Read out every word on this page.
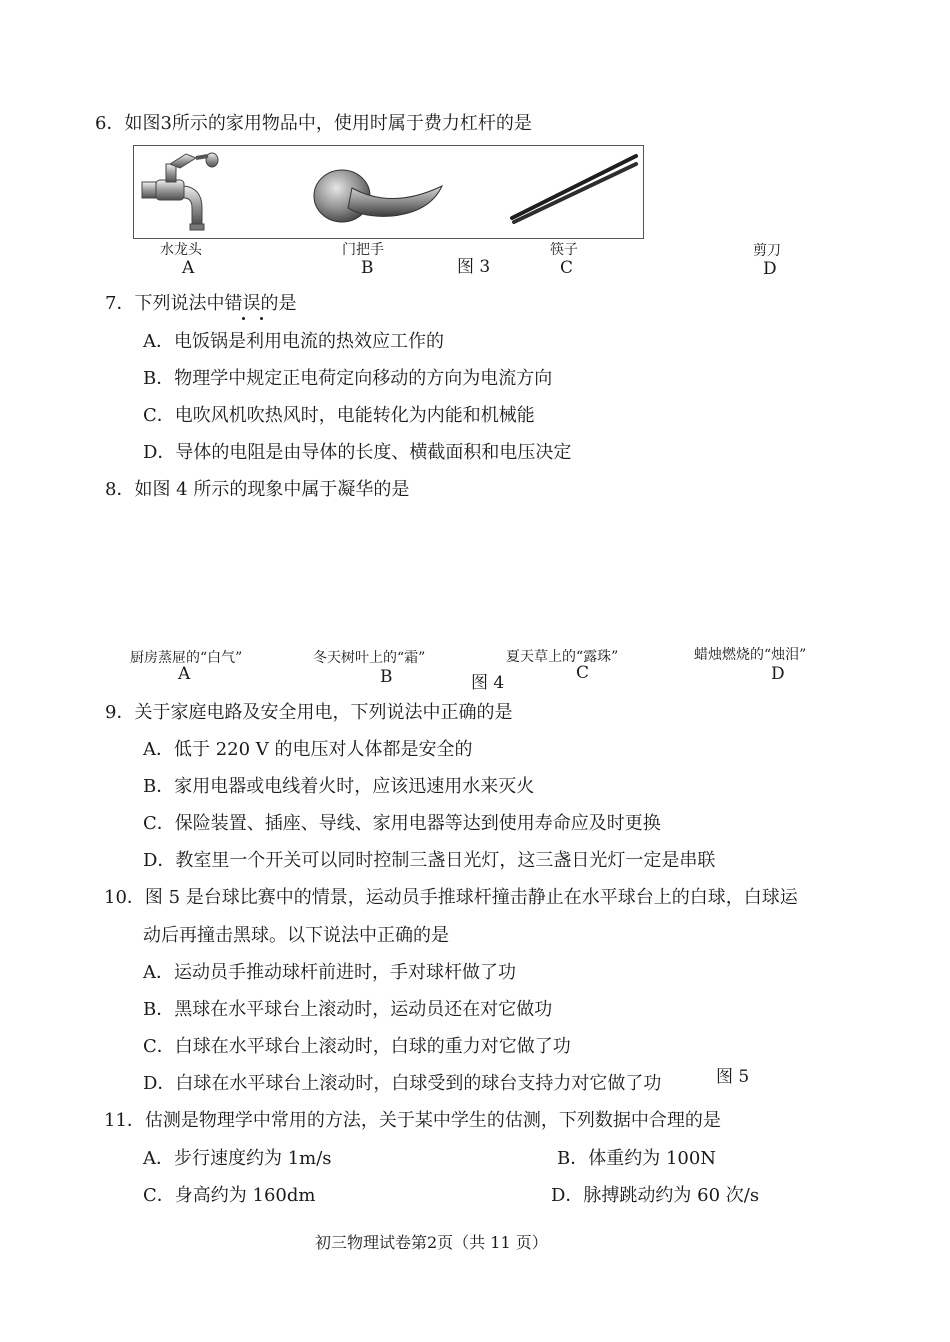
6．如图3所示的家用物品中，使用时属于费力杠杆的是
水龙头
A
门把手
B	图 3
筷子
C
剪刀
D
7．下列说法中错误的是
A．电饭锅是利用电流的热效应工作的
B．物理学中规定正电荷定向移动的方向为电流方向
C．电吹风机吹热风时，电能转化为内能和机械能
D．导体的电阻是由导体的长度、横截面积和电压决定
8．如图 4 所示的现象中属于凝华的是
厨房蒸屉的“白气”
A
冬天树叶上的“霜”
B	图 4
夏天草上的“露珠”
C
蜡烛燃烧的“烛泪”
D
9．关于家庭电路及安全用电，下列说法中正确的是
A．低于 220 V 的电压对人体都是安全的
B．家用电器或电线着火时，应该迅速用水来灭火
C．保险装置、插座、导线、家用电器等达到使用寿命应及时更换
D．教室里一个开关可以同时控制三盏日光灯，这三盏日光灯一定是串联
10．图 5 是台球比赛中的情景，运动员手推球杆撞击静止在水平球台上的白球，白球运
动后再撞击黑球。以下说法中正确的是
A．运动员手推动球杆前进时，手对球杆做了功
B．黑球在水平球台上滚动时，运动员还在对它做功
C．白球在水平球台上滚动时，白球的重力对它做了功
D．白球在水平球台上滚动时，白球受到的球台支持力对它做了功	图 5
11．估测是物理学中常用的方法，关于某中学生的估测，下列数据中合理的是
A．步行速度约为 1m/s	B．体重约为 100N
C．身高约为 160dm	D．脉搏跳动约为 60 次/s
初三物理试卷第2页（共 11 页）
